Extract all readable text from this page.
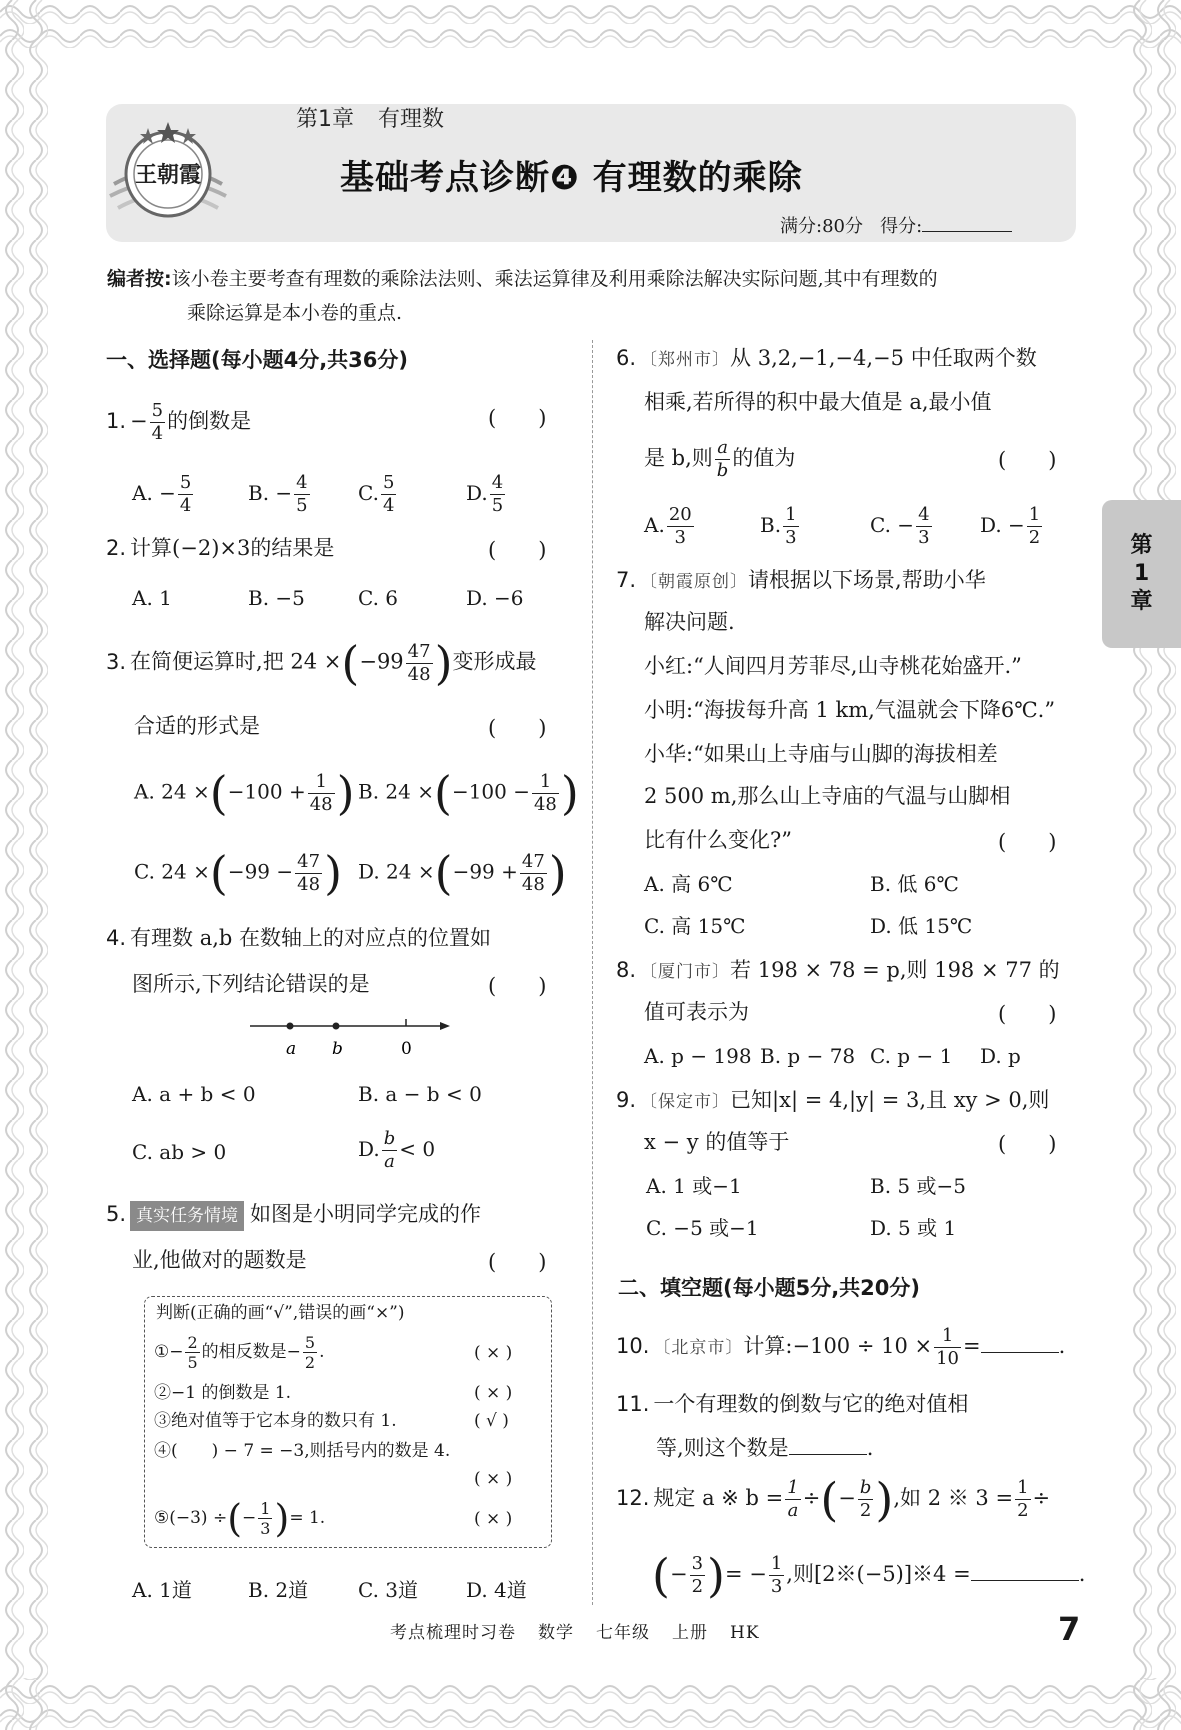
第1章 有理数
王朝霞	基础考点诊断❹ 有理数的乘除
满分:80分 得分:
编者按:该小卷主要考查有理数的乘除法法则、乘法运算律及利用乘除法解决实际问题,其中有理数的
乘除运算是本小卷的重点.
第
1
章
一、选择题(每小题4分,共36分)
1. − $\frac{5}{4}$ 的倒数是	(　　)
A. − $\frac{5}{4}$	B. − $\frac{4}{5} C$. $\frac{5}{4}$	D. $\frac{4}{5}$
2. 计算(−2)×3的结果是	(　　)
A. 1	B. −5	C. 6	D. −6
3. 在简便运算时,把 $24 \times(-99 \frac{47}{48}$ )变形成最
合适的形式是	(　　)
A. $24 \times(-100 + \frac{1}{48}$ ) B. $24 \times(-100 - \frac{1}{48}$ )
C. $24 \times(-99 - \frac{47}{48}$ ) D. $24 \times(-99 + \frac{47}{48}$ )
4. 有理数 a,b 在数轴上的对应点的位置如
图所示,下列结论错误的是	(　　)
a b	0
A. a + b < 0	B. a − b < 0
C. ab > 0	D. $\frac{b}{a} < 0$
5. 真实任务情境 如图是小明同学完成的作
业,他做对的题数是	(　　)
判断(正确的画“√”,错误的画“×”)
①− $\frac{2}{5}$ 的相反数是− $\frac{5}{2}$ .	( × )
②−1 的倒数是 1.	( × )
③绝对值等于它本身的数只有 1.	( √ )
④(　　) − 7 = −3,则括号内的数是 4.
( × )
⑤(−3) ÷(− $\frac{1}{3}$ )= 1.	( × )
A. 1道	B. 2道 C. 3道 D. 4道
6. 〔郑州市〕从 3,2,−1,−4,−5 中任取两个数
相乘,若所得的积中最大值是 a,最小值
是 b,则 $\frac{a}{b}$ 的值为	(　　)
A. $\frac{20}{3}$	B. $\frac{1}{3}$	C. − $\frac{4}{3} D$. − $\frac{1}{2}$
7. 〔朝霞原创〕请根据以下场景,帮助小华
解决问题.
小红:“人间四月芳菲尽,山寺桃花始盛开.”
小明:“海拔每升高 1 km,气温就会下降6℃.”
小华:“如果山上寺庙与山脚的海拔相差
2 500 m,那么山上寺庙的气温与山脚相
比有什么变化?”	(　　)
A. 高 6℃	B. 低 6℃
C. 高 15℃	D. 低 15℃
8. 〔厦门市〕若 198 × 78 = p,则 198 × 77 的
值可表示为	(　　)
A. p − 198 B. p − 78 C. p − 1 D. p
9. 〔保定市〕已知|x| = 4,|y| = 3,且 xy > 0,则
x − y 的值等于	(　　)
A. 1 或−1	B. 5 或−5
C. −5 或−1	D. 5 或 1
二、填空题(每小题5分,共20分)
10. 〔北京市〕计算:−100 ÷ $10 \times \frac{1}{10}$ =	.
11. 一个有理数的倒数与它的绝对值相
等,则这个数是	.
12. 规定 a ※ $b = \frac{1}{a}$ ÷(− $\frac{b}{2}$ ),如 2 ※ $3 = \frac{1}{2}$ ÷
(− $\frac{3}{2}$ )= − $\frac{1}{3}$ ,则[2※(−5)]※4 =	.
考点梳理时习卷 数学 七年级 上册 HK	7
